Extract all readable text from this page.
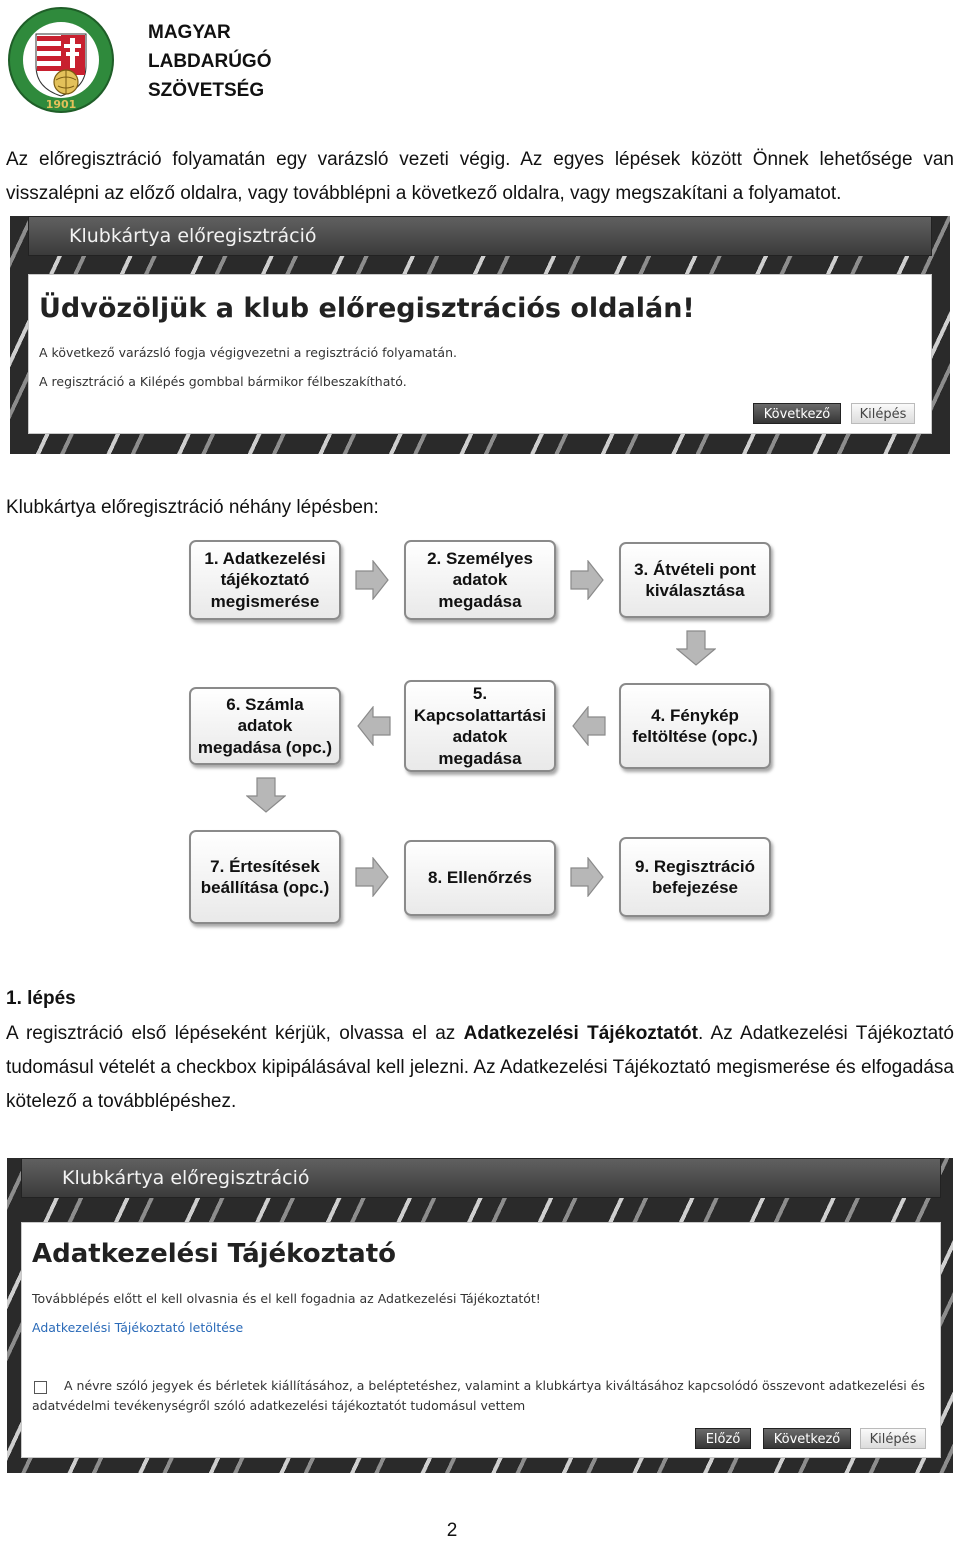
1901
MAGYAR
LABDARÚGÓ
SZÖVETSÉG
Az előregisztráció folyamatán egy varázsló vezeti végig. Az egyes lépések között Önnek lehetősége van visszalépni az előző oldalra, vagy továbblépni a következő oldalra, vagy megszakítani a folyamatot.
Klubkártya előregisztráció
Üdvözöljük a klub előregisztrációs oldalán!
A következő varázsló fogja végigvezetni a regisztráció folyamatán.
A regisztráció a Kilépés gombbal bármikor félbeszakítható.
Következő	Kilépés
Klubkártya előregisztráció néhány lépésben:
1. Adatkezelési tájékoztató megismerése
2. Személyes adatok megadása
3. Átvételi pont kiválasztása
6. Számla adatok megadása (opc.)
5. Kapcsolattartási adatok megadása
4. Fénykép feltöltése (opc.)
7. Értesítések beállítása (opc.)
8. Ellenőrzés
9. Regisztráció befejezése
1. lépés
A regisztráció első lépéseként kérjük, olvassa el az Adatkezelési Tájékoztatót. Az Adatkezelési Tájékoztató tudomásul vételét a checkbox kipipálásával kell jelezni. Az Adatkezelési Tájékoztató megismerése és elfogadása kötelező a továbblépéshez.
Klubkártya előregisztráció
Adatkezelési Tájékoztató
Továbblépés előtt el kell olvasnia és el kell fogadnia az Adatkezelési Tájékoztatót!
Adatkezelési Tájékoztató letöltése
A névre szóló jegyek és bérletek kiállításához, a beléptetéshez, valamint a klubkártya kiváltásához kapcsolódó összevont adatkezelési és
adatvédelmi tevékenységről szóló adatkezelési tájékoztatót tudomásul vettem
Előző	Következő	Kilépés
2
